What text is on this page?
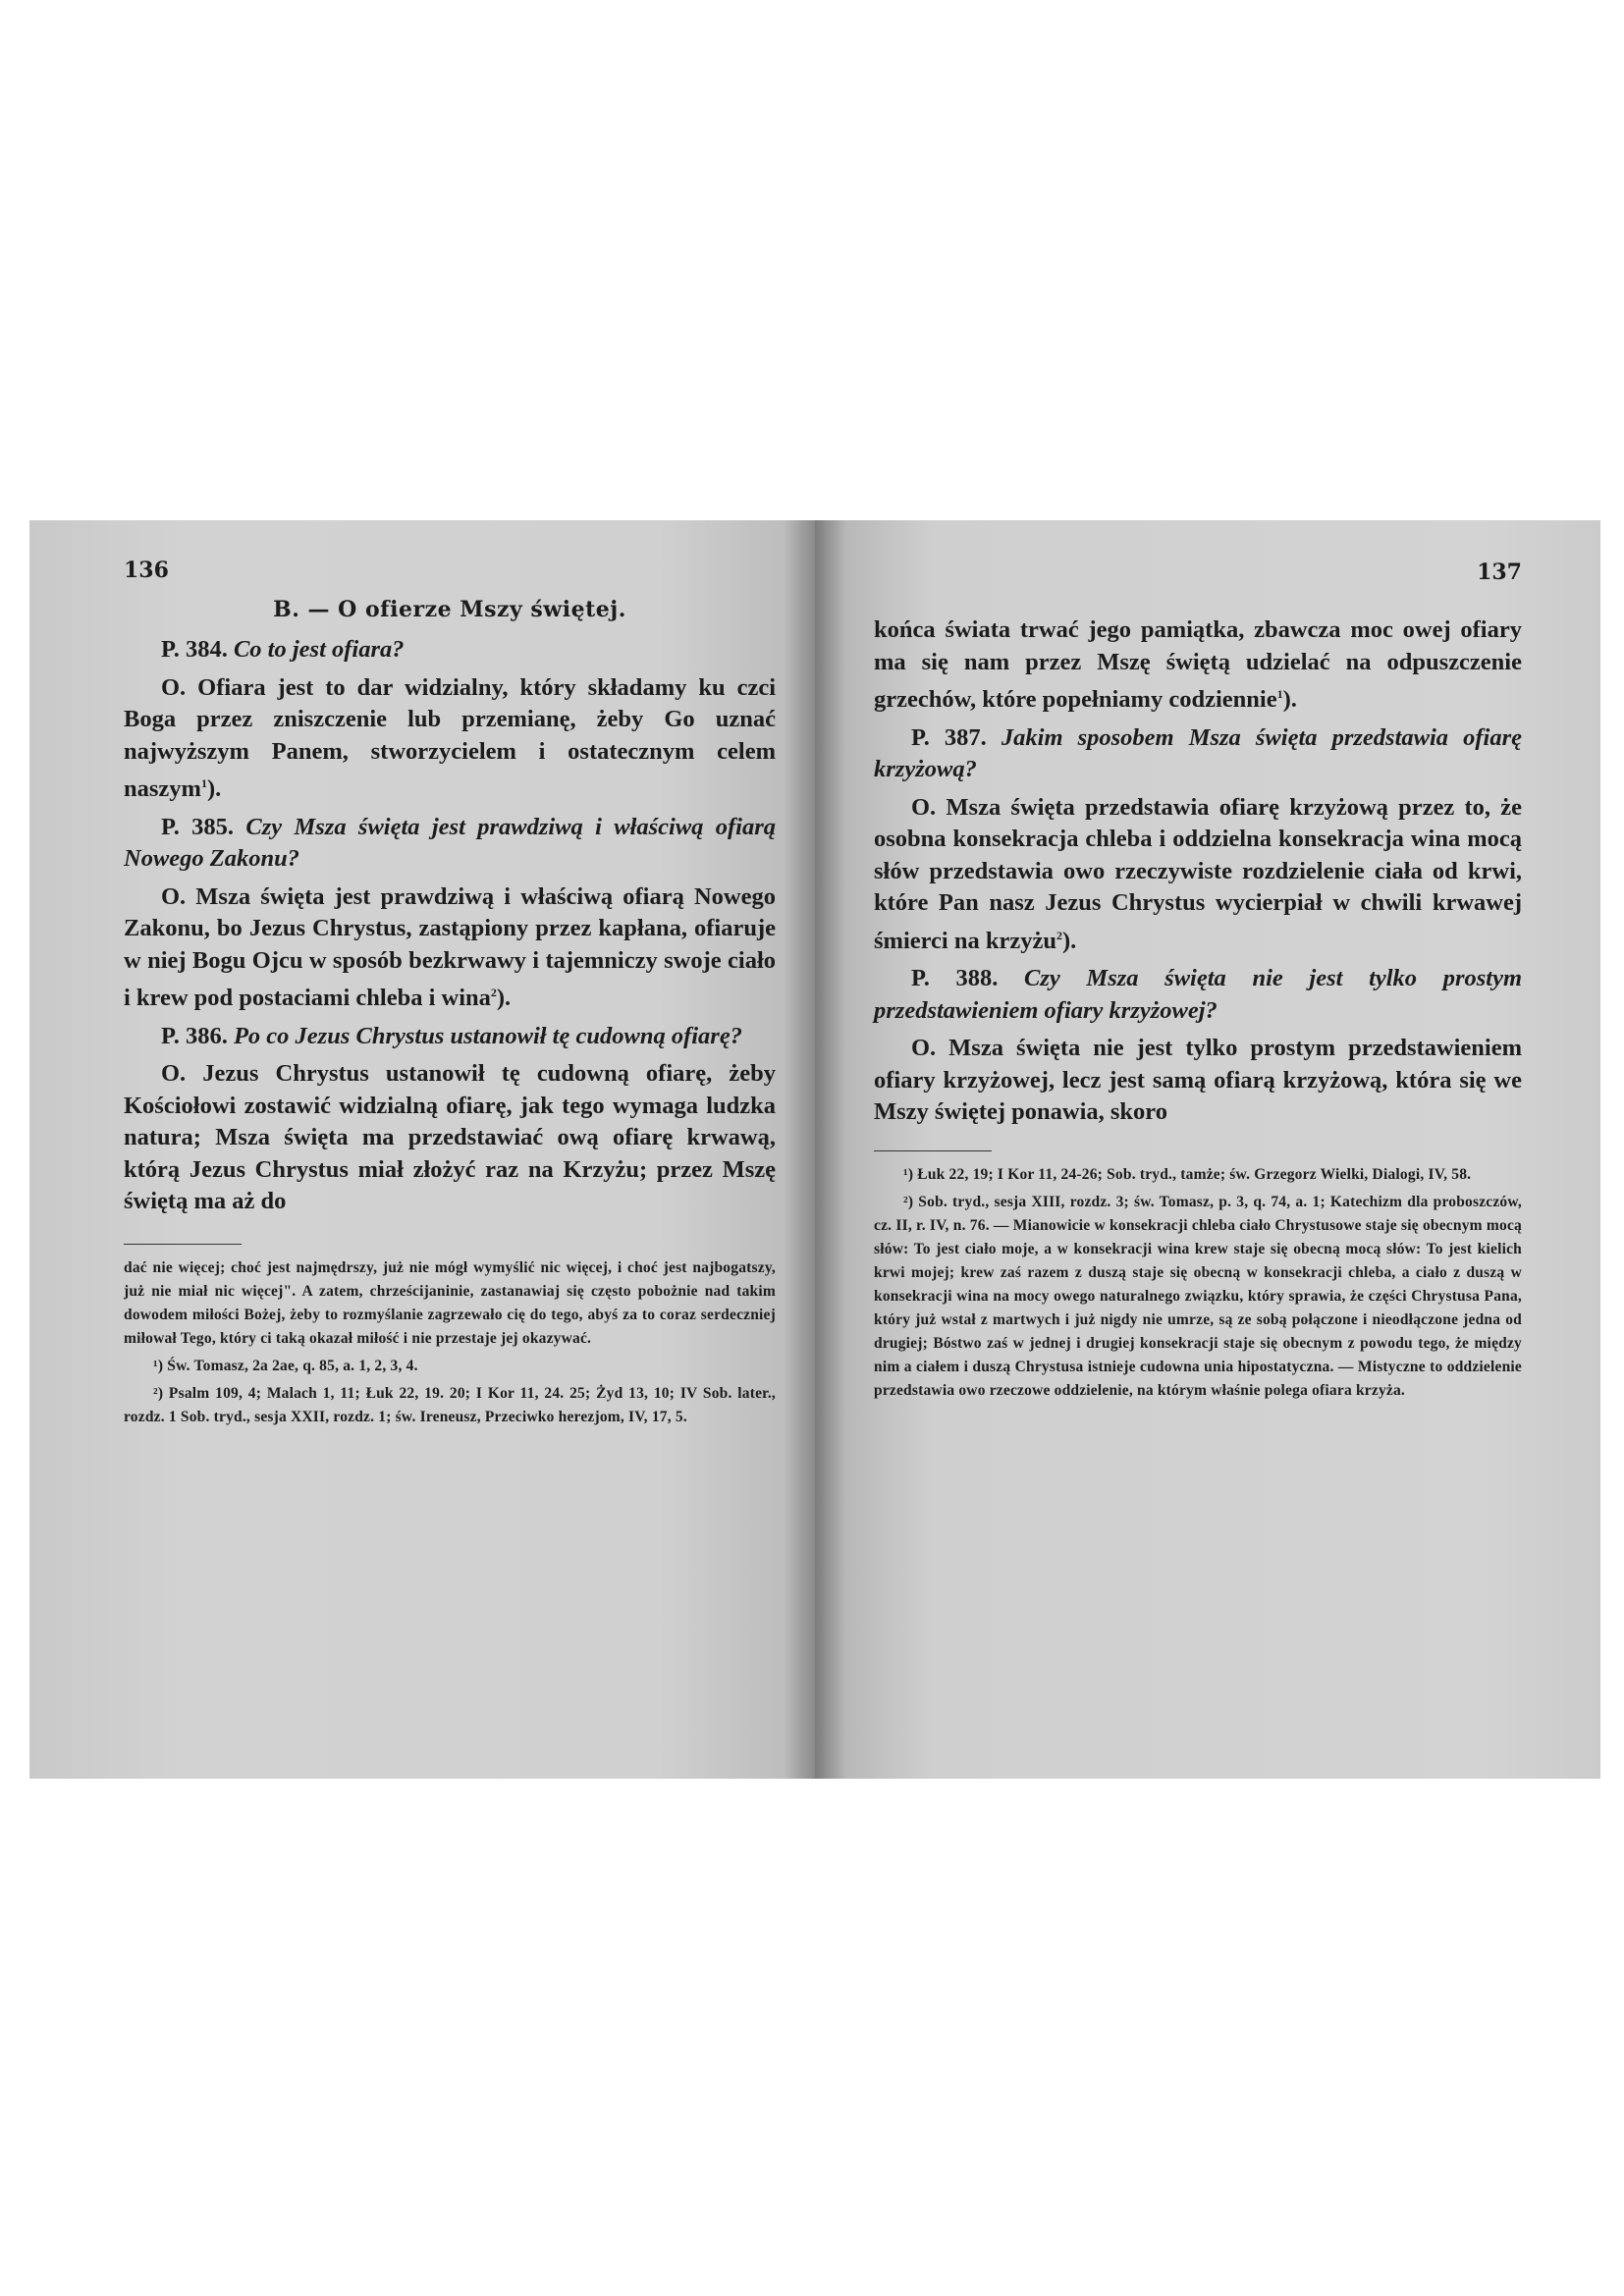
136
B. — O ofierze Mszy świętej.

P. 384. Co to jest ofiara?

O. Ofiara jest to dar widzialny, który składamy ku czci Boga przez zniszczenie lub przemianę, żeby Go uznać najwyższym Panem, stworzycielem i ostatecznym celem naszym$^1$).

P. 385. Czy Msza święta jest prawdziwą i właściwą ofiarą Nowego Zakonu?

O. Msza święta jest prawdziwą i właściwą ofiarą Nowego Zakonu, bo Jezus Chrystus, zastąpiony przez kapłana, ofiaruje w niej Bogu Ojcu w sposób bezkrwawy i tajemniczy swoje ciało i krew pod postaciami chleba i wina$^2$).

P. 386. Po co Jezus Chrystus ustanowił tę cudowną ofiarę?

O. Jezus Chrystus ustanowił tę cudowną ofiarę, żeby Kościołowi zostawić widzialną ofiarę, jak tego wymaga ludzka natura; Msza święta ma przedstawiać ową ofiarę krwawą, którą Jezus Chrystus miał złożyć raz na Krzyżu; przez Mszę świętą ma aż do

dać nie więcej; choć jest najmędrszy, już nie mógł wymyślić nic więcej, i choć jest najbogatszy, już nie miał nic więcej". A zatem, chrześcijaninie, zastanawiaj się często pobożnie nad takim dowodem miłości Bożej, żeby to rozmyślanie zagrzewało cię do tego, abyś za to coraz serdeczniej miłował Tego, który ci taką okazał miłość i nie przestaje jej okazywać.

¹) Św. Tomasz, 2a 2ae, q. 85, a. 1, 2, 3, 4.

²) Psalm 109, 4; Malach 1, 11; Łuk 22, 19. 20; I Kor 11, 24. 25; Żyd 13, 10; IV Sob. later., rozdz. 1 Sob. tryd., sesja XXII, rozdz. 1; św. Ireneusz, Przeciwko herezjom, IV, 17, 5.

137

końca świata trwać jego pamiątka, zbawcza moc owej ofiary ma się nam przez Mszę świętą udzielać na odpuszczenie grzechów, które popełniamy codziennie$^1$).

P. 387. Jakim sposobem Msza święta przedstawia ofiarę krzyżową?

O. Msza święta przedstawia ofiarę krzyżową przez to, że osobna konsekracja chleba i oddzielna konsekracja wina mocą słów przedstawia owo rzeczywiste rozdzielenie ciała od krwi, które Pan nasz Jezus Chrystus wycierpiał w chwili krwawej śmierci na krzyżu$^2$).

P. 388. Czy Msza święta nie jest tylko prostym przedstawieniem ofiary krzyżowej?

O. Msza święta nie jest tylko prostym przedstawieniem ofiary krzyżowej, lecz jest samą ofiarą krzyżową, która się we Mszy świętej ponawia, skoro

¹) Łuk 22, 19; I Kor 11, 24-26; Sob. tryd., tamże; św. Grzegorz Wielki, Dialogi, IV, 58.

²) Sob. tryd., sesja XIII, rozdz. 3; św. Tomasz, p. 3, q. 74, a. 1; Katechizm dla proboszczów, cz. II, r. IV, n. 76. — Mianowicie w konsekracji chleba ciało Chrystusowe staje się obecnym mocą słów: To jest ciało moje, a w konsekracji wina krew staje się obecną mocą słów: To jest kielich krwi mojej; krew zaś razem z duszą staje się obecną w konsekracji chleba, a ciało z duszą w konsekracji wina na mocy owego naturalnego związku, który sprawia, że części Chrystusa Pana, który już wstał z martwych i już nigdy nie umrze, są ze sobą połączone i nieodłączone jedna od drugiej; Bóstwo zaś w jednej i drugiej konsekracji staje się obecnym z powodu tego, że między nim a ciałem i duszą Chrystusa istnieje cudowna unia hipostatyczna. — Mistyczne to oddzielenie przedstawia owo rzeczowe oddzielenie, na którym właśnie polega ofiara krzyża.
